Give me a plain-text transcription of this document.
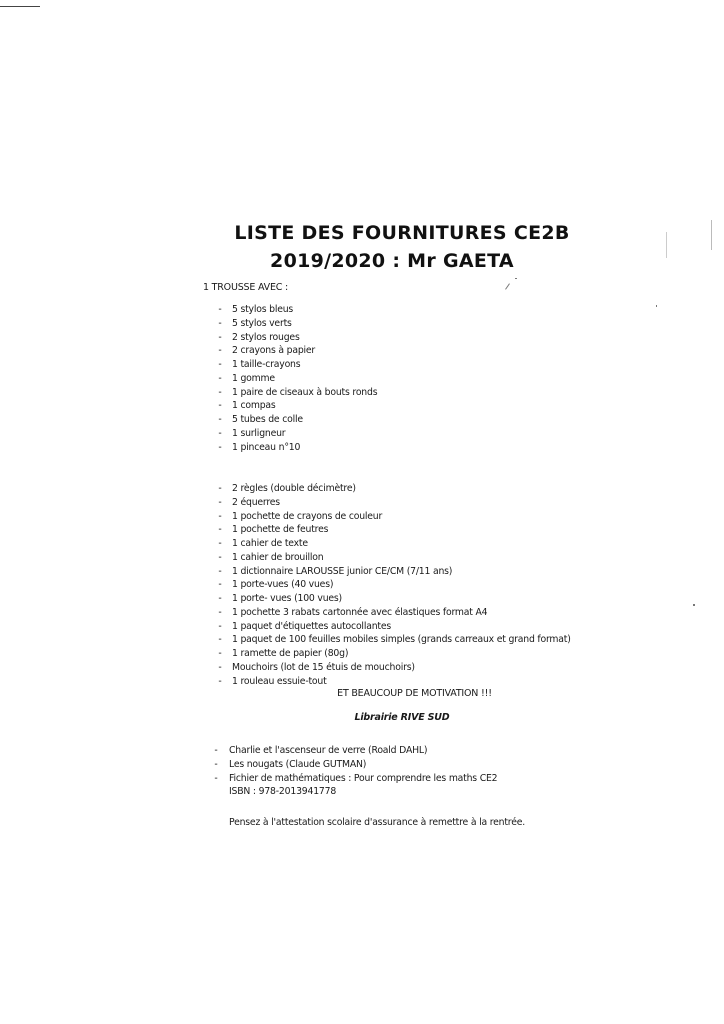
LISTE DES FOURNITURES CE2B
2019/2020 : Mr GAETA
1 TROUSSE AVEC :
- 5 stylos bleus
- 5 stylos verts
- 2 stylos rouges
- 2 crayons à papier
- 1 taille-crayons
- 1 gomme
- 1 paire de ciseaux à bouts ronds
- 1 compas
- 5 tubes de colle
- 1 surligneur
- 1 pinceau n°10
- 2 règles (double décimètre)
- 2 équerres
- 1 pochette de crayons de couleur
- 1 pochette de feutres
- 1 cahier de texte
- 1 cahier de brouillon
- 1 dictionnaire LAROUSSE junior CE/CM (7/11 ans)
- 1 porte-vues (40 vues)
- 1 porte- vues (100 vues)
- 1 pochette 3 rabats cartonnée avec élastiques format A4
- 1 paquet d'étiquettes autocollantes
- 1 paquet de 100 feuilles mobiles simples (grands carreaux et grand format)
- 1 ramette de papier (80g)
- Mouchoirs (lot de 15 étuis de mouchoirs)
- 1 rouleau essuie-tout
ET BEAUCOUP DE MOTIVATION !!!
Librairie RIVE SUD
- Charlie et l'ascenseur de verre (Roald DAHL)
- Les nougats (Claude GUTMAN)
- Fichier de mathématiques : Pour comprendre les maths CE2
ISBN : 978-2013941778
Pensez à l'attestation scolaire d'assurance à remettre à la rentrée.
